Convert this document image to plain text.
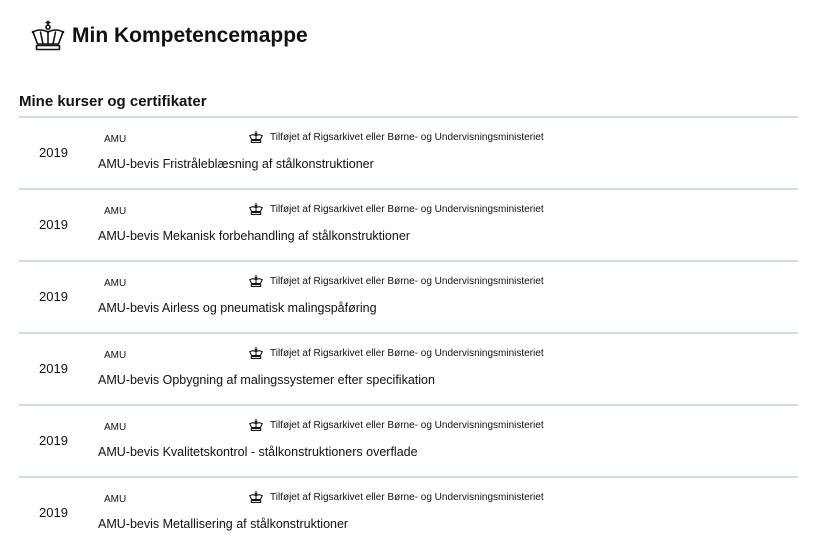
Min Kompetencemappe
Mine kurser og certifikater
2019
AMU	Tilføjet af Rigsarkivet eller Børne- og Undervisningsministeriet
AMU-bevis Fristråleblæsning af stålkonstruktioner
2019
AMU	Tilføjet af Rigsarkivet eller Børne- og Undervisningsministeriet
AMU-bevis Mekanisk forbehandling af stålkonstruktioner
2019
AMU	Tilføjet af Rigsarkivet eller Børne- og Undervisningsministeriet
AMU-bevis Airless og pneumatisk malingspåføring
2019
AMU	Tilføjet af Rigsarkivet eller Børne- og Undervisningsministeriet
AMU-bevis Opbygning af malingssystemer efter specifikation
2019
AMU	Tilføjet af Rigsarkivet eller Børne- og Undervisningsministeriet
AMU-bevis Kvalitetskontrol - stålkonstruktioners overflade
2019
AMU	Tilføjet af Rigsarkivet eller Børne- og Undervisningsministeriet
AMU-bevis Metallisering af stålkonstruktioner
